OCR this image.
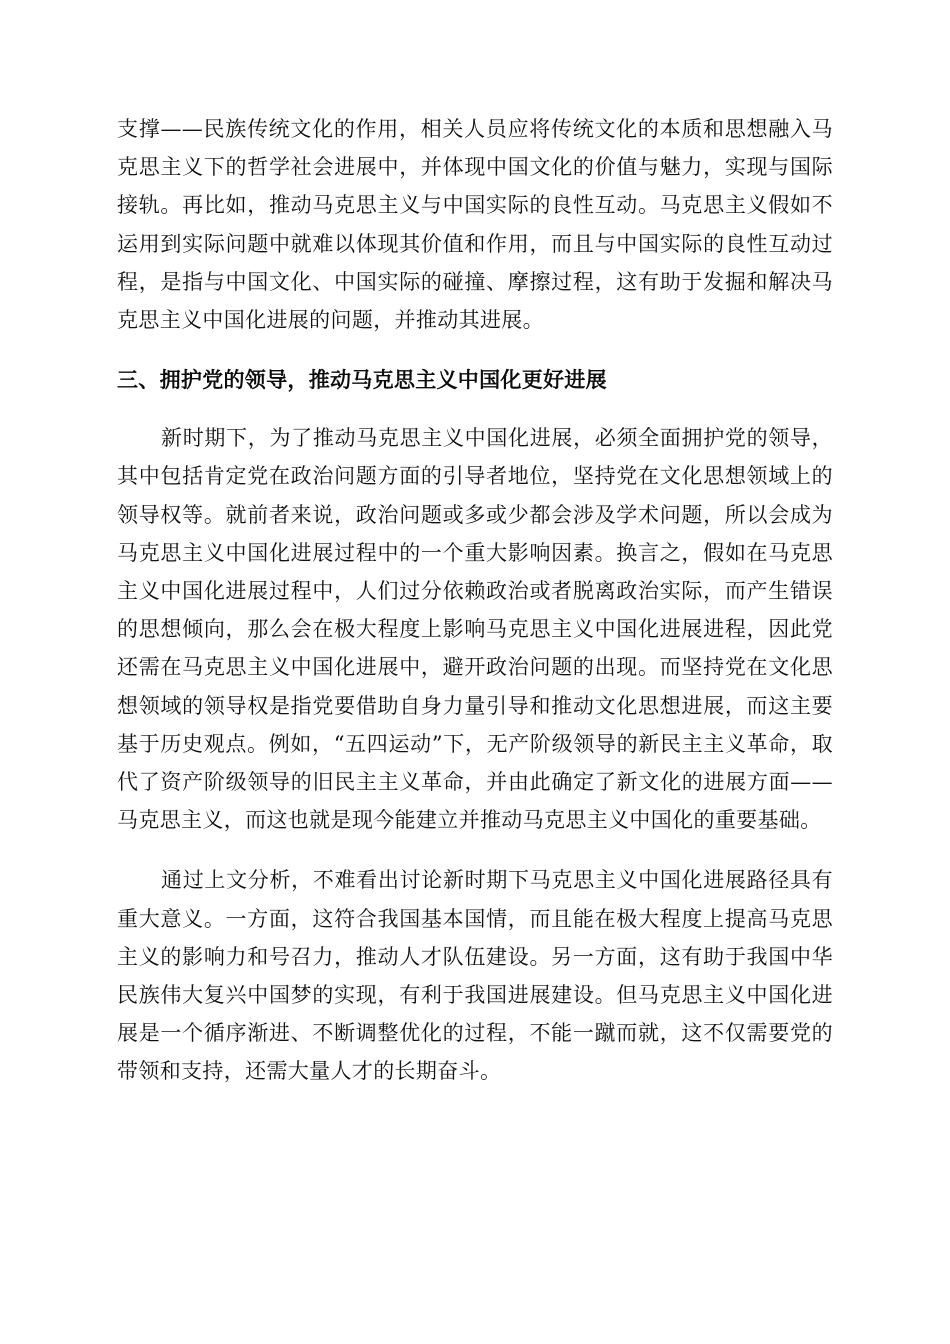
支撑——民族传统文化的作用，相关人员应将传统文化的本质和思想融入马克思主义下的哲学社会进展中，并体现中国文化的价值与魅力，实现与国际接轨。再比如，推动马克思主义与中国实际的良性互动。马克思主义假如不运用到实际问题中就难以体现其价值和作用，而且与中国实际的良性互动过程，是指与中国文化、中国实际的碰撞、摩擦过程，这有助于发掘和解决马克思主义中国化进展的问题，并推动其进展。

三、拥护党的领导，推动马克思主义中国化更好进展

新时期下，为了推动马克思主义中国化进展，必须全面拥护党的领导，其中包括肯定党在政治问题方面的引导者地位，坚持党在文化思想领域上的领导权等。就前者来说，政治问题或多或少都会涉及学术问题，所以会成为马克思主义中国化进展过程中的一个重大影响因素。换言之，假如在马克思主义中国化进展过程中，人们过分依赖政治或者脱离政治实际，而产生错误的思想倾向，那么会在极大程度上影响马克思主义中国化进展进程，因此党还需在马克思主义中国化进展中，避开政治问题的出现。而坚持党在文化思想领域的领导权是指党要借助自身力量引导和推动文化思想进展，而这主要基于历史观点。例如，“五四运动”下，无产阶级领导的新民主主义革命，取代了资产阶级领导的旧民主主义革命，并由此确定了新文化的进展方面——马克思主义，而这也就是现今能建立并推动马克思主义中国化的重要基础。

通过上文分析，不难看出讨论新时期下马克思主义中国化进展路径具有重大意义。一方面，这符合我国基本国情，而且能在极大程度上提高马克思主义的影响力和号召力，推动人才队伍建设。另一方面，这有助于我国中华民族伟大复兴中国梦的实现，有利于我国进展建设。但马克思主义中国化进展是一个循序渐进、不断调整优化的过程，不能一蹴而就，这不仅需要党的带领和支持，还需大量人才的长期奋斗。
